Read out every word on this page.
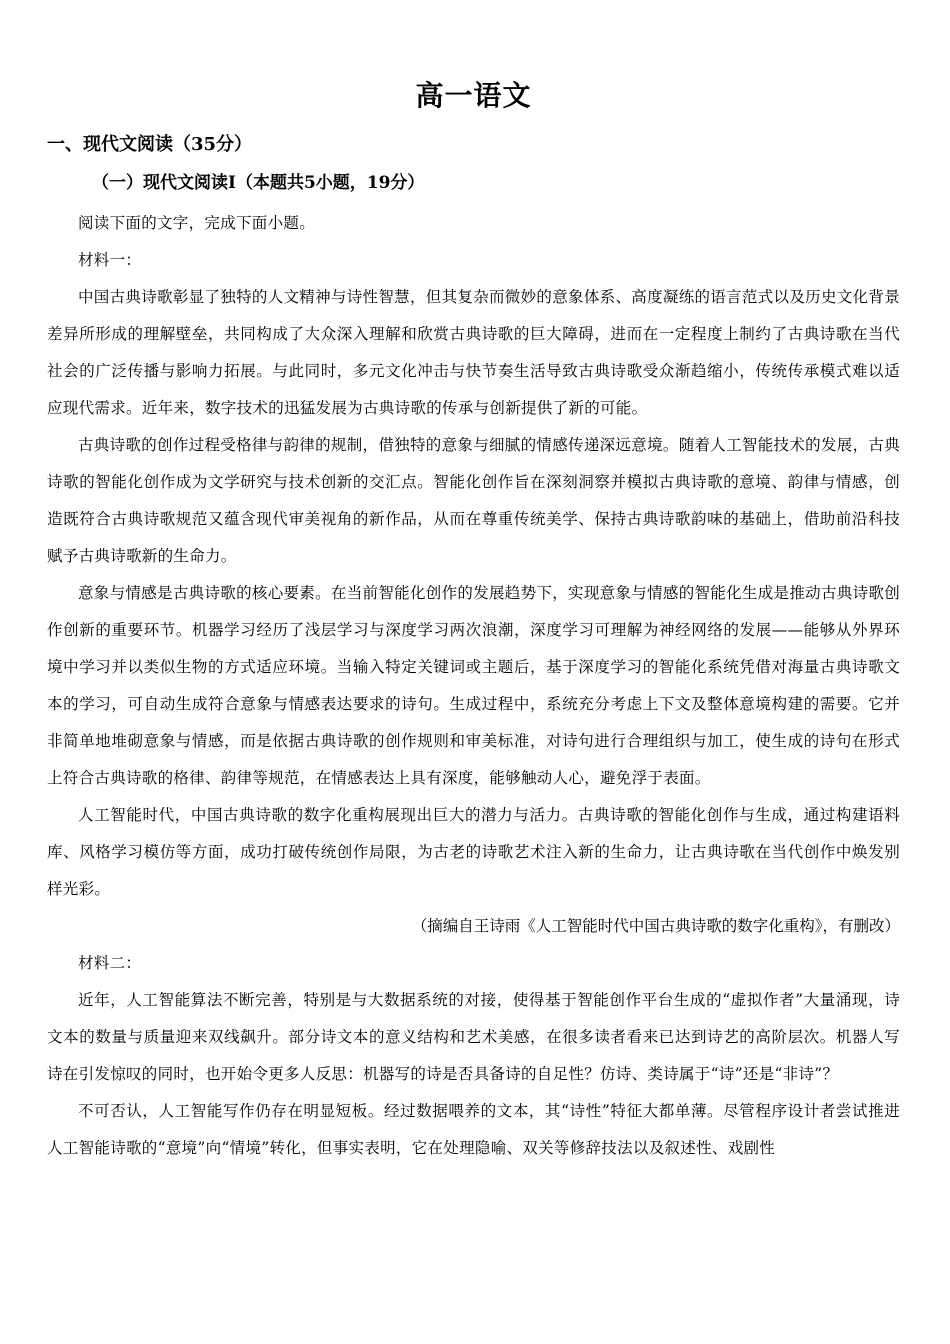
高一语文
一、现代文阅读（35分）
（一）现代文阅读Ⅰ（本题共5小题，19分）

阅读下面的文字，完成下面小题。

材料一：

中国古典诗歌彰显了独特的人文精神与诗性智慧，但其复杂而微妙的意象体系、高度凝练的语言范式以及历史文化背景差异所形成的理解壁垒，共同构成了大众深入理解和欣赏古典诗歌的巨大障碍，进而在一定程度上制约了古典诗歌在当代社会的广泛传播与影响力拓展。与此同时，多元文化冲击与快节奏生活导致古典诗歌受众渐趋缩小，传统传承模式难以适应现代需求。近年来，数字技术的迅猛发展为古典诗歌的传承与创新提供了新的可能。

古典诗歌的创作过程受格律与韵律的规制，借独特的意象与细腻的情感传递深远意境。随着人工智能技术的发展，古典诗歌的智能化创作成为文学研究与技术创新的交汇点。智能化创作旨在深刻洞察并模拟古典诗歌的意境、韵律与情感，创造既符合古典诗歌规范又蕴含现代审美视角的新作品，从而在尊重传统美学、保持古典诗歌韵味的基础上，借助前沿科技赋予古典诗歌新的生命力。

意象与情感是古典诗歌的核心要素。在当前智能化创作的发展趋势下，实现意象与情感的智能化生成是推动古典诗歌创作创新的重要环节。机器学习经历了浅层学习与深度学习两次浪潮，深度学习可理解为神经网络的发展——能够从外界环境中学习并以类似生物的方式适应环境。当输入特定关键词或主题后，基于深度学习的智能化系统凭借对海量古典诗歌文本的学习，可自动生成符合意象与情感表达要求的诗句。生成过程中，系统充分考虑上下文及整体意境构建的需要。它并非简单地堆砌意象与情感，而是依据古典诗歌的创作规则和审美标准，对诗句进行合理组织与加工，使生成的诗句在形式上符合古典诗歌的格律、韵律等规范，在情感表达上具有深度，能够触动人心，避免浮于表面。

人工智能时代，中国古典诗歌的数字化重构展现出巨大的潜力与活力。古典诗歌的智能化创作与生成，通过构建语料库、风格学习模仿等方面，成功打破传统创作局限，为古老的诗歌艺术注入新的生命力，让古典诗歌在当代创作中焕发别样光彩。

（摘编自王诗雨《人工智能时代中国古典诗歌的数字化重构》，有删改）

材料二：

近年，人工智能算法不断完善，特别是与大数据系统的对接，使得基于智能创作平台生成的“虚拟作者”大量涌现，诗文本的数量与质量迎来双线飙升。部分诗文本的意义结构和艺术美感，在很多读者看来已达到诗艺的高阶层次。机器人写诗在引发惊叹的同时，也开始令更多人反思：机器写的诗是否具备诗的自足性？仿诗、类诗属于“诗”还是“非诗”？

不可否认，人工智能写作仍存在明显短板。经过数据喂养的文本，其“诗性”特征大都单薄。尽管程序设计者尝试推进人工智能诗歌的“意境”向“情境”转化，但事实表明，它在处理隐喻、双关等修辞技法以及叙述性、戏剧性
